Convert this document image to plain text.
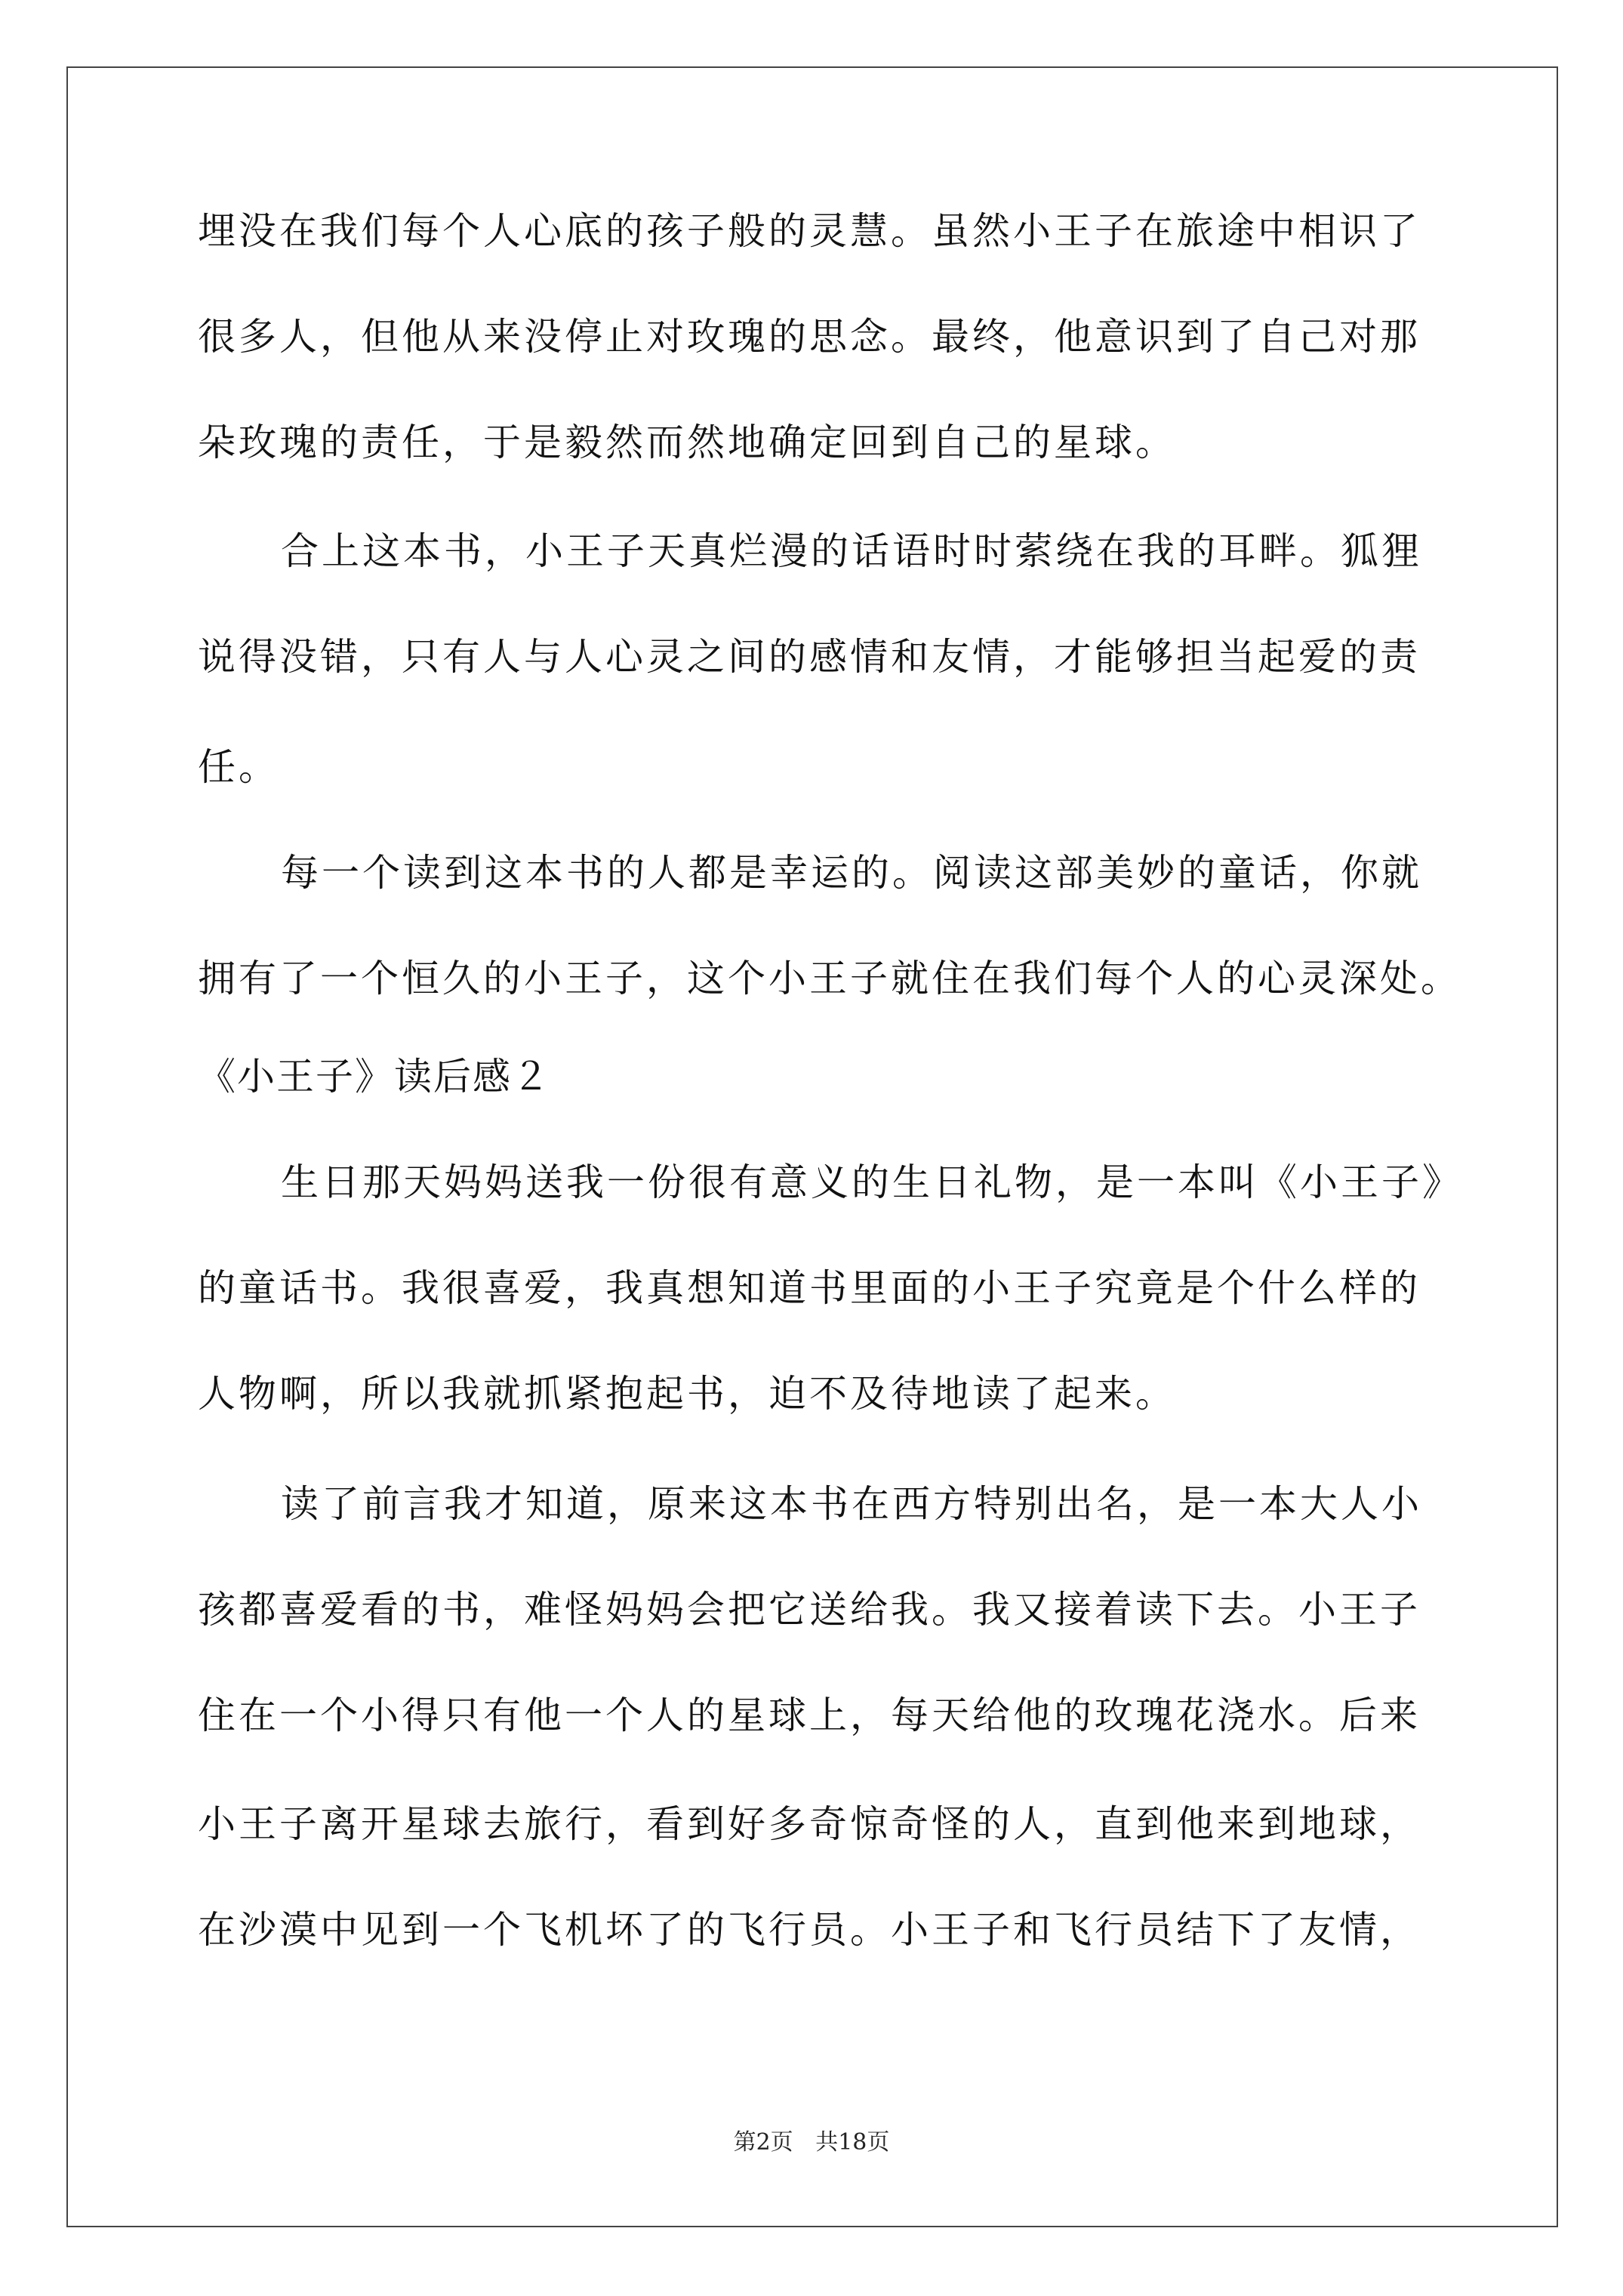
埋没在我们每个人心底的孩子般的灵慧。虽然小王子在旅途中相识了
很多人，但他从来没停止对玫瑰的思念。最终，他意识到了自己对那
朵玫瑰的责任，于是毅然而然地确定回到自己的星球。
合上这本书，小王子天真烂漫的话语时时萦绕在我的耳畔。狐狸
说得没错，只有人与人心灵之间的感情和友情，才能够担当起爱的责
任。
每一个读到这本书的人都是幸运的。阅读这部美妙的童话，你就
拥有了一个恒久的小王子，这个小王子就住在我们每个人的心灵深处。
《小王子》读后感２
生日那天妈妈送我一份很有意义的生日礼物，是一本叫《小王子》
的童话书。我很喜爱，我真想知道书里面的小王子究竟是个什么样的
人物啊，所以我就抓紧抱起书，迫不及待地读了起来。
读了前言我才知道，原来这本书在西方特别出名，是一本大人小
孩都喜爱看的书，难怪妈妈会把它送给我。我又接着读下去。小王子
住在一个小得只有他一个人的星球上，每天给他的玫瑰花浇水。后来
小王子离开星球去旅行，看到好多奇惊奇怪的人，直到他来到地球，
在沙漠中见到一个飞机坏了的飞行员。小王子和飞行员结下了友情，
第2页 共18页
